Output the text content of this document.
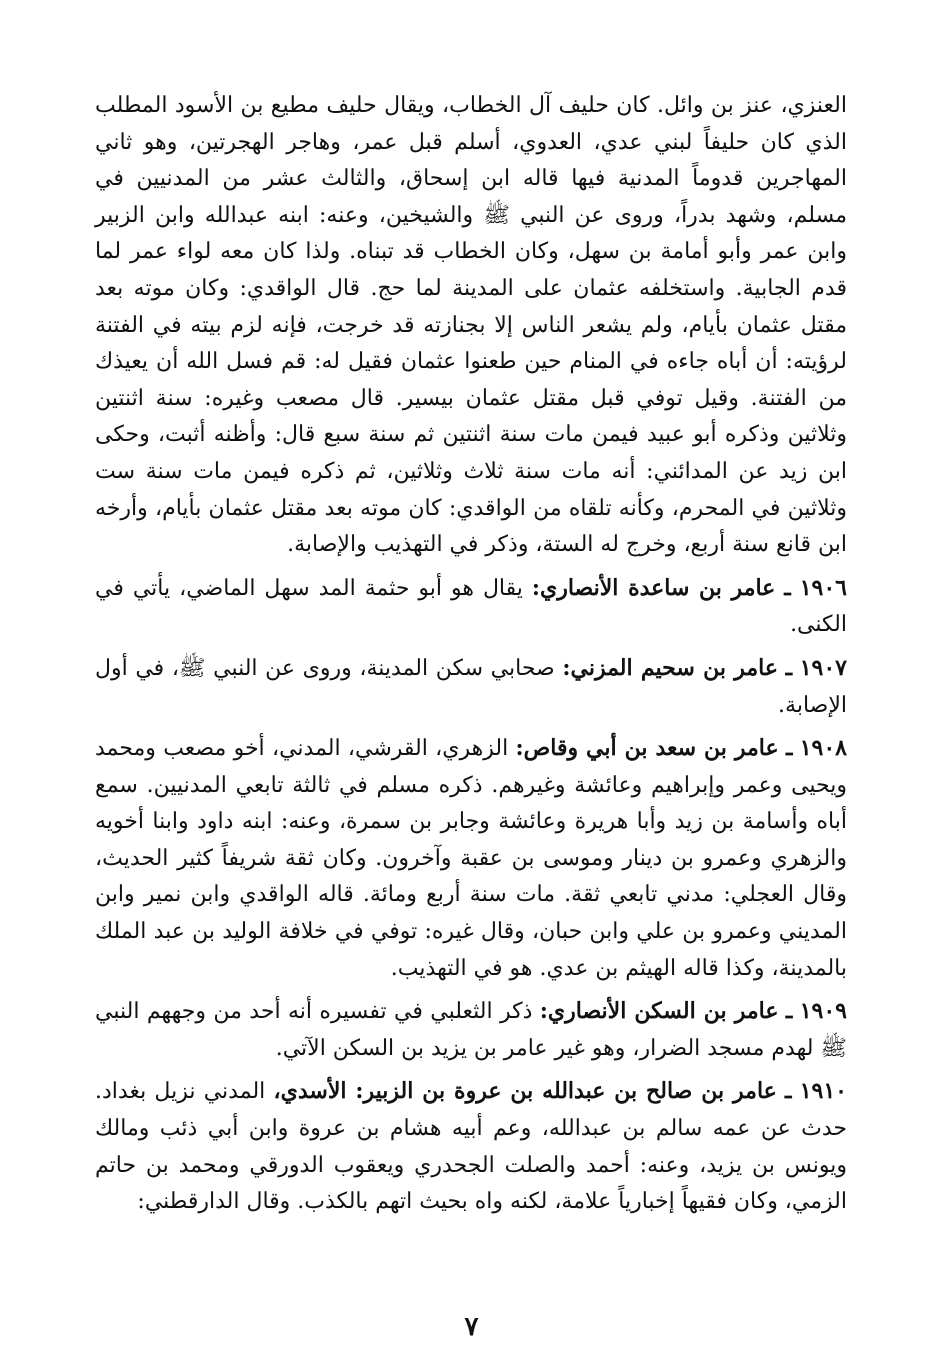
العنزي، عنز بن وائل. كان حليف آل الخطاب، ويقال حليف مطيع بن الأسود المطلب الذي كان حليفاً لبني عدي، العدوي، أسلم قبل عمر، وهاجر الهجرتين، وهو ثاني المهاجرين قدوماً المدنية فيها قاله ابن إسحاق، والثالث عشر من المدنيين في مسلم، وشهد بدراً، وروى عن النبي ﷺ والشيخين، وعنه: ابنه عبدالله وابن الزبير وابن عمر وأبو أمامة بن سهل، وكان الخطاب قد تبناه. ولذا كان معه لواء عمر لما قدم الجابية. واستخلفه عثمان على المدينة لما حج. قال الواقدي: وكان موته بعد مقتل عثمان بأيام، ولم يشعر الناس إلا بجنازته قد خرجت، فإنه لزم بيته في الفتنة لرؤيته: أن أباه جاءه في المنام حين طعنوا عثمان فقيل له: قم فسل الله أن يعيذك من الفتنة. وقيل توفي قبل مقتل عثمان بيسير. قال مصعب وغيره: سنة اثنتين وثلاثين وذكره أبو عبيد فيمن مات سنة اثنتين ثم سنة سبع قال: وأظنه أثبت، وحكى ابن زيد عن المدائني: أنه مات سنة ثلاث وثلاثين، ثم ذكره فيمن مات سنة ست وثلاثين في المحرم، وكأنه تلقاه من الواقدي: كان موته بعد مقتل عثمان بأيام، وأرخه ابن قانع سنة أربع، وخرج له الستة، وذكر في التهذيب والإصابة.

١٩٠٦ ـ عامر بن ساعدة الأنصاري: يقال هو أبو حثمة المد سهل الماضي، يأتي في الكنى.

١٩٠٧ ـ عامر بن سحيم المزني: صحابي سكن المدينة، وروى عن النبي ﷺ، في أول الإصابة.

١٩٠٨ ـ عامر بن سعد بن أبي وقاص: الزهري، القرشي، المدني، أخو مصعب ومحمد ويحيى وعمر وإبراهيم وعائشة وغيرهم. ذكره مسلم في ثالثة تابعي المدنيين. سمع أباه وأسامة بن زيد وأبا هريرة وعائشة وجابر بن سمرة، وعنه: ابنه داود وابنا أخويه والزهري وعمرو بن دينار وموسى بن عقبة وآخرون. وكان ثقة شريفاً كثير الحديث، وقال العجلي: مدني تابعي ثقة. مات سنة أربع ومائة. قاله الواقدي وابن نمير وابن المديني وعمرو بن علي وابن حبان، وقال غيره: توفي في خلافة الوليد بن عبد الملك بالمدينة، وكذا قاله الهيثم بن عدي. هو في التهذيب.

١٩٠٩ ـ عامر بن السكن الأنصاري: ذكر الثعلبي في تفسيره أنه أحد من وجههم النبي ﷺ لهدم مسجد الضرار، وهو غير عامر بن يزيد بن السكن الآتي.

١٩١٠ ـ عامر بن صالح بن عبدالله بن عروة بن الزبير: الأسدي، المدني نزيل بغداد. حدث عن عمه سالم بن عبدالله، وعم أبيه هشام بن عروة وابن أبي ذئب ومالك ويونس بن يزيد، وعنه: أحمد والصلت الجحدري ويعقوب الدورقي ومحمد بن حاتم الزمي، وكان فقيهاً إخبارياً علامة، لكنه واه بحيث اتهم بالكذب. وقال الدارقطني:

٧
